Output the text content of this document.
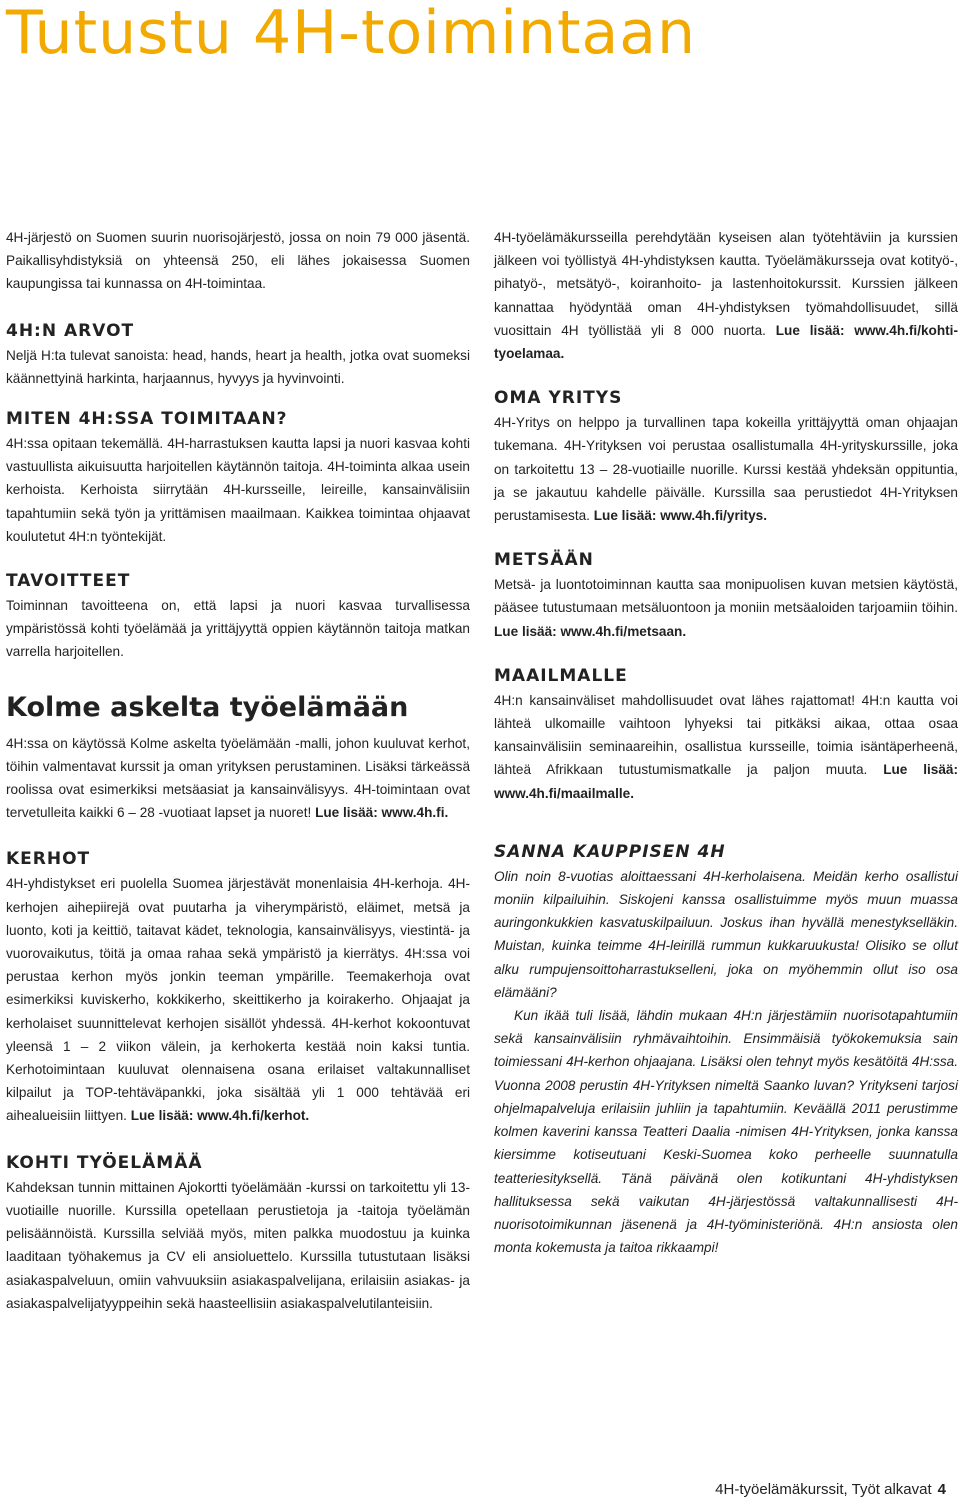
Tutustu 4H-toimintaan

4H-järjestö on Suomen suurin nuorisojärjestö, jossa on noin 79 000 jäsentä. Paikallisyhdistyksiä on yhteensä 250, eli lähes jokaisessa Suomen kaupungissa tai kunnassa on 4H-toimintaa.

4H:N ARVOT

Neljä H:ta tulevat sanoista: head, hands, heart ja health, jotka ovat suomeksi käännettyinä harkinta, harjaannus, hyvyys ja hyvinvointi.

MITEN 4H:SSA TOIMITAAN?

4H:ssa opitaan tekemällä. 4H-harrastuksen kautta lapsi ja nuori kasvaa kohti vastuullista aikuisuutta harjoitellen käytännön taitoja. 4H-toiminta alkaa usein kerhoista. Kerhoista siirrytään 4H-kursseille, leireille, kansainvälisiin tapahtumiin sekä työn ja yrittämisen maailmaan. Kaikkea toimintaa ohjaavat koulutetut 4H:n työntekijät.

TAVOITTEET

Toiminnan tavoitteena on, että lapsi ja nuori kasvaa turvallisessa ympäristössä kohti työelämää ja yrittäjyyttä oppien käytännön taitoja matkan varrella harjoitellen.

Kolme askelta työelämään

4H:ssa on käytössä Kolme askelta työelämään -malli, johon kuuluvat kerhot, töihin valmentavat kurssit ja oman yrityksen perustaminen. Lisäksi tärkeässä roolissa ovat esimerkiksi metsäasiat ja kansainvälisyys. 4H-toimintaan ovat tervetulleita kaikki 6 – 28 -vuotiaat lapset ja nuoret! Lue lisää: www.4h.fi.

KERHOT

4H-yhdistykset eri puolella Suomea järjestävät monenlaisia 4H-kerhoja. 4H-kerhojen aihepiirejä ovat puutarha ja viherympäristö, eläimet, metsä ja luonto, koti ja keittiö, taitavat kädet, teknologia, kansainvälisyys, viestintä- ja vuorovaikutus, töitä ja omaa rahaa sekä ympäristö ja kierrätys. 4H:ssa voi perustaa kerhon myös jonkin teeman ympärille. Teemakerhoja ovat esimerkiksi kuviskerho, kokkikerho, skeittikerho ja koirakerho. Ohjaajat ja kerholaiset suunnittelevat kerhojen sisällöt yhdessä. 4H-kerhot kokoontuvat yleensä 1 – 2 viikon välein, ja kerhokerta kestää noin kaksi tuntia. Kerhotoimintaan kuuluvat olennaisena osana erilaiset valtakunnalliset kilpailut ja TOP-tehtäväpankki, joka sisältää yli 1 000 tehtävää eri aihealueisiin liittyen. Lue lisää: www.4h.fi/kerhot.

KOHTI TYÖELÄMÄÄ

Kahdeksan tunnin mittainen Ajokortti työelämään -kurssi on tarkoitettu yli 13-vuotiaille nuorille. Kurssilla opetellaan perustietoja ja -taitoja työelämän pelisäännöistä. Kurssilla selviää myös, miten palkka muodostuu ja kuinka laaditaan työhakemus ja CV eli ansioluettelo. Kurssilla tutustutaan lisäksi asiakaspalveluun, omiin vahvuuksiin asiakaspalvelijana, erilaisiin asiakas- ja asiakaspalvelijatyyppeihin sekä haasteellisiin asiakaspalvelutilanteisiin.

4H-työelämäkursseilla perehdytään kyseisen alan työtehtäviin ja kurssien jälkeen voi työllistyä 4H-yhdistyksen kautta. Työelämäkursseja ovat kotityö-, pihatyö-, metsätyö-, koiranhoito- ja lastenhoitokurssit. Kurssien jälkeen kannattaa hyödyntää oman 4H-yhdistyksen työmahdollisuudet, sillä vuosittain 4H työllistää yli 8 000 nuorta. Lue lisää: www.4h.fi/kohti-tyoelamaa.

OMA YRITYS

4H-Yritys on helppo ja turvallinen tapa kokeilla yrittäjyyttä oman ohjaajan tukemana. 4H-Yrityksen voi perustaa osallistumalla 4H-yrityskurssille, joka on tarkoitettu 13 – 28-vuotiaille nuorille. Kurssi kestää yhdeksän oppituntia, ja se jakautuu kahdelle päivälle. Kurssilla saa perustiedot 4H-Yrityksen perustamisesta. Lue lisää: www.4h.fi/yritys.

METSÄÄN

Metsä- ja luontotoiminnan kautta saa monipuolisen kuvan metsien käytöstä, pääsee tutustumaan metsäluontoon ja moniin metsäaloiden tarjoamiin töihin. Lue lisää: www.4h.fi/metsaan.

MAAILMALLE

4H:n kansainväliset mahdollisuudet ovat lähes rajattomat! 4H:n kautta voi lähteä ulkomaille vaihtoon lyhyeksi tai pitkäksi aikaa, ottaa osaa kansainvälisiin seminaareihin, osallistua kursseille, toimia isäntäperheenä, lähteä Afrikkaan tutustumismatkalle ja paljon muuta. Lue lisää: www.4h.fi/maailmalle.

SANNA KAUPPISEN 4H

Olin noin 8-vuotias aloittaessani 4H-kerholaisena. Meidän kerho osallistui moniin kilpailuihin. Siskojeni kanssa osallistuimme myös muun muassa auringonkukkien kasvatuskilpailuun. Joskus ihan hyvällä menestykselläkin. Muistan, kuinka teimme 4H-leirillä rummun kukkaruukusta! Olisiko se ollut alku rumpujensoittoharrastukselleni, joka on myöhemmin ollut iso osa elämääni?

Kun ikää tuli lisää, lähdin mukaan 4H:n järjestämiin nuorisotapahtumiin sekä kansainvälisiin ryhmävaihtoihin. Ensimmäisiä työkokemuksia sain toimiessani 4H-kerhon ohjaajana. Lisäksi olen tehnyt myös kesätöitä 4H:ssa. Vuonna 2008 perustin 4H-Yrityksen nimeltä Saanko luvan? Yritykseni tarjosi ohjelmapalveluja erilaisiin juhliin ja tapahtumiin. Keväällä 2011 perustimme kolmen kaverini kanssa Teatteri Daalia -nimisen 4H-Yrityksen, jonka kanssa kiersimme kotiseutuani Keski-Suomea koko perheelle suunnatulla teatteriesityksellä. Tänä päivänä olen kotikuntani 4H-yhdistyksen hallituksessa sekä vaikutan 4H-järjestössä valtakunnallisesti 4H-nuorisotoimikunnan jäsenenä ja 4H-työministeriönä. 4H:n ansiosta olen monta kokemusta ja taitoa rikkaampi!

4H-työelämäkurssit, Työt alkavat 4
